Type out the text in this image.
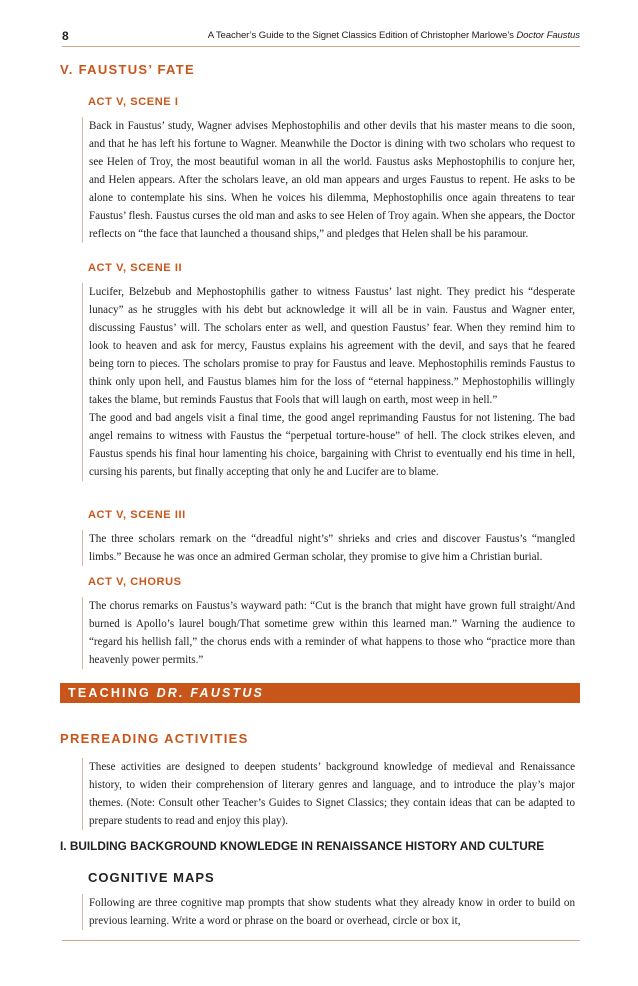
8	A Teacher’s Guide to the Signet Classics Edition of Christopher Marlowe’s Doctor Faustus
V. FAUSTUS’ FATE
ACT V, SCENE I
Back in Faustus’ study, Wagner advises Mephostophilis and other devils that his master means to die soon, and that he has left his fortune to Wagner. Meanwhile the Doctor is dining with two scholars who request to see Helen of Troy, the most beautiful woman in all the world. Faustus asks Mephostophilis to conjure her, and Helen appears. After the scholars leave, an old man appears and urges Faustus to repent. He asks to be alone to contemplate his sins. When he voices his dilemma, Mephostophilis once again threatens to tear Faustus’ flesh. Faustus curses the old man and asks to see Helen of Troy again. When she appears, the Doctor reflects on “the face that launched a thousand ships,” and pledges that Helen shall be his paramour.
ACT V, SCENE II
Lucifer, Belzebub and Mephostophilis gather to witness Faustus’ last night. They predict his “desperate lunacy” as he struggles with his debt but acknowledge it will all be in vain. Faustus and Wagner enter, discussing Faustus’ will. The scholars enter as well, and question Faustus’ fear. When they remind him to look to heaven and ask for mercy, Faustus explains his agreement with the devil, and says that he feared being torn to pieces. The scholars promise to pray for Faustus and leave. Mephostophilis reminds Faustus to think only upon hell, and Faustus blames him for the loss of “eternal happiness.” Mephostophilis willingly takes the blame, but reminds Faustus that Fools that will laugh on earth, most weep in hell.”
The good and bad angels visit a final time, the good angel reprimanding Faustus for not listening. The bad angel remains to witness with Faustus the “perpetual torture-house” of hell. The clock strikes eleven, and Faustus spends his final hour lamenting his choice, bargaining with Christ to eventually end his time in hell, cursing his parents, but finally accepting that only he and Lucifer are to blame.
ACT V, SCENE III
The three scholars remark on the “dreadful night’s” shrieks and cries and discover Faustus’s “mangled limbs.” Because he was once an admired German scholar, they promise to give him a Christian burial.
ACT V, CHORUS
The chorus remarks on Faustus’s wayward path: “Cut is the branch that might have grown full straight/And burned is Apollo’s laurel bough/That sometime grew within this learned man.” Warning the audience to “regard his hellish fall,” the chorus ends with a reminder of what happens to those who “practice more than heavenly power permits.”
TEACHING DR. FAUSTUS
PREREADING ACTIVITIES
These activities are designed to deepen students’ background knowledge of medieval and Renaissance history, to widen their comprehension of literary genres and language, and to introduce the play’s major themes. (Note: Consult other Teacher’s Guides to Signet Classics; they contain ideas that can be adapted to prepare students to read and enjoy this play).
I. BUILDING BACKGROUND KNOWLEDGE IN RENAISSANCE HISTORY AND CULTURE
COGNITIVE MAPS
Following are three cognitive map prompts that show students what they already know in order to build on previous learning. Write a word or phrase on the board or overhead, circle or box it,
